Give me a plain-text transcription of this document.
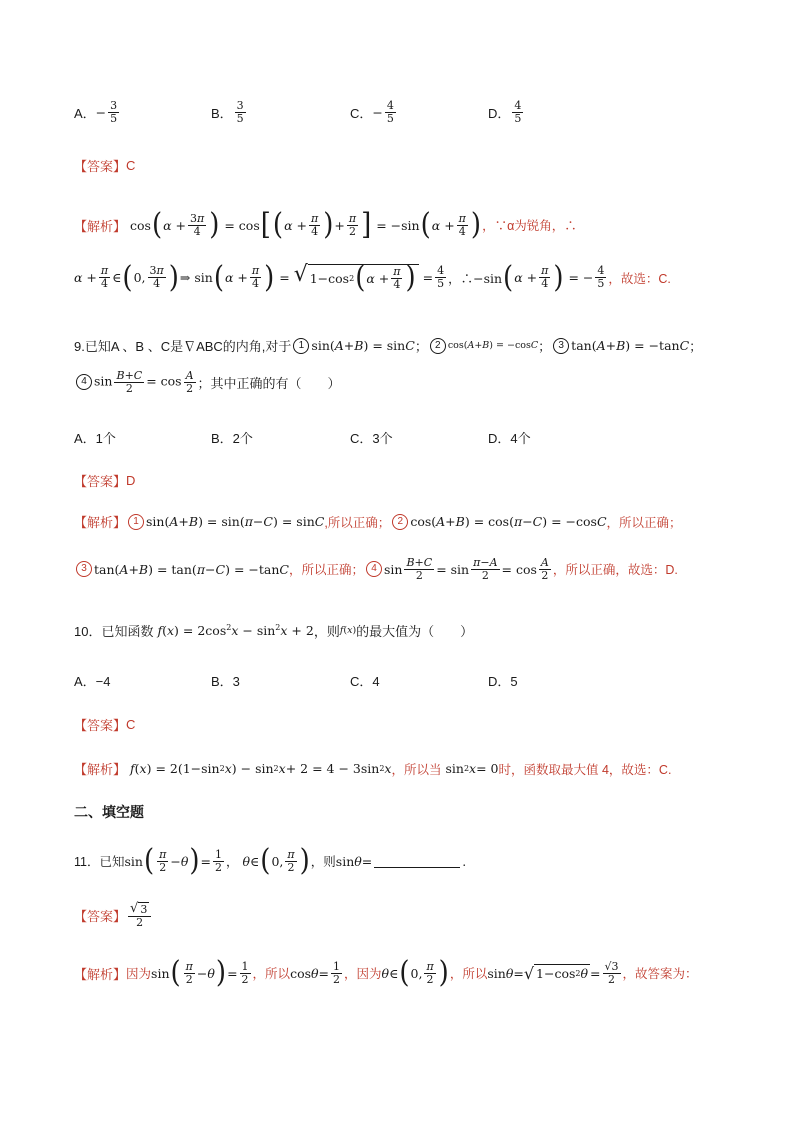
A． − $\frac{3}{5}$	B． $\frac{3}{5}$	C． − $\frac{4}{5}$	D． $\frac{4}{5}$
【答案】 C
【解析】 cos ( $\alpha + \frac{3\pi}{4}$ ) = cos [ ( $\alpha + \frac{\pi}{4}$ ) + $\frac{\pi}{2}$ ] = −sin ( $\alpha + \frac{\pi}{4}$ ) ，∵α为锐角，∴
$\alpha + \frac{\pi}{4}$ ∈ ( 0, $\frac{3\pi}{4}$ ) ⇒ sin ( $\alpha + \frac{\pi}{4}$ ) = √ 1−cos 2 ( $\alpha + \frac{\pi}{4}$ ) = $\frac{4}{5}$ ，∴−sin ( $\alpha + \frac{\pi}{4}$ ) = − $\frac{4}{5}$ ，故选：C.
9.已知A 、B 、C是∇ABC的内角,对于 1 sin(A+B) = sinC ； 2 cos(A+B) = −cosC ； 3 tan(A+B) = −tanC ；
4 $\sin \frac{B+C}{2} = \cos \frac{A}{2}$ ；其中正确的有（　　）
A．1个	B．2个	C．3个	D．4个
【答案】 D
【解析】 1 sin( A + B ) = sin( π − C ) = sin C ,所以正确； 2 cos( A + B ) = cos( π − C ) = −cos C ，所以正确；
3 tan( A + B ) = tan( π − C ) = −tan C ，所以正确； 4 $\sin \frac{B+C}{2} = \sin \frac{\pi-A}{2} = \cos \frac{A}{2}$ ，所以正确，故选：D.
10．已知函数 $f(x) = 2\cos^2x - \sin^2x + 2$ ，则 f(x) 的最大值为（　　）
A．−4	B．3	C．4	D．5
【答案】 C
【解析】
f ( x ) = 2(1−sin 2 x ) − sin 2 x + 2 = 4 − 3sin 2 x ，所以当 sin 2 x = 0 时，函数取最大值 4，故选：C.
二、填空题
11．已知 sin ( $\frac{\pi}{2} - \theta$ ) = $\frac{1}{2}$ ，
θ ∈ ( 0, $\frac{\pi}{2}$ ) ，则 sin θ =	.
【答案】 $\frac{√ 3}{2}$
【解析】 因为 sin ( $\frac{\pi}{2} - \theta$ ) = $\frac{1}{2}$ ，所以 $\cos \theta = \frac{1}{2}$ ，因为 θ ∈ ( 0, $\frac{\pi}{2}$ ) ，所以 sin θ = √ 1−cos 2 $\theta = \frac{√3}{2}$ ，故答案为：
